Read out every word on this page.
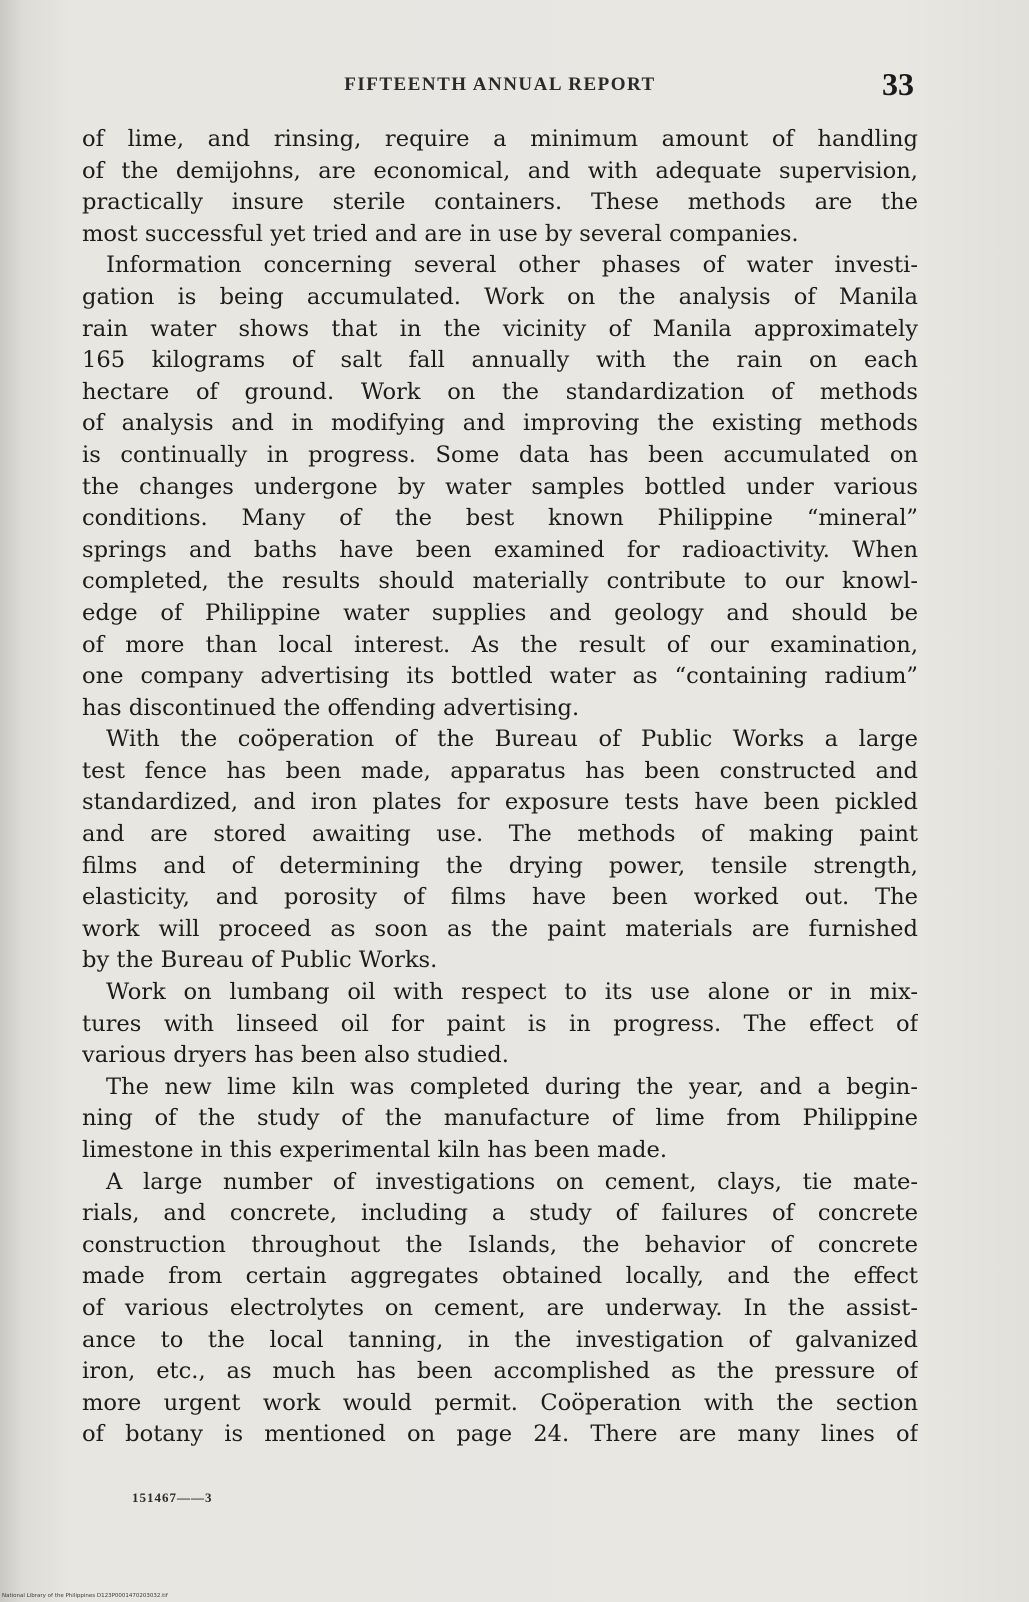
FIFTEENTH ANNUAL REPORT	33
of lime, and rinsing, require a minimum amount of handling
of the demijohns, are economical, and with adequate supervision,
practically insure sterile containers. These methods are the
most successful yet tried and are in use by several companies.
Information concerning several other phases of water investi-
gation is being accumulated. Work on the analysis of Manila
rain water shows that in the vicinity of Manila approximately
165 kilograms of salt fall annually with the rain on each
hectare of ground. Work on the standardization of methods
of analysis and in modifying and improving the existing methods
is continually in progress. Some data has been accumulated on
the changes undergone by water samples bottled under various
conditions. Many of the best known Philippine “mineral”
springs and baths have been examined for radioactivity. When
completed, the results should materially contribute to our knowl-
edge of Philippine water supplies and geology and should be
of more than local interest. As the result of our examination,
one company advertising its bottled water as “containing radium”
has discontinued the offending advertising.
With the coöperation of the Bureau of Public Works a large
test fence has been made, apparatus has been constructed and
standardized, and iron plates for exposure tests have been pickled
and are stored awaiting use. The methods of making paint
films and of determining the drying power, tensile strength,
elasticity, and porosity of films have been worked out. The
work will proceed as soon as the paint materials are furnished
by the Bureau of Public Works.
Work on lumbang oil with respect to its use alone or in mix-
tures with linseed oil for paint is in progress. The effect of
various dryers has been also studied.
The new lime kiln was completed during the year, and a begin-
ning of the study of the manufacture of lime from Philippine
limestone in this experimental kiln has been made.
A large number of investigations on cement, clays, tie mate-
rials, and concrete, including a study of failures of concrete
construction throughout the Islands, the behavior of concrete
made from certain aggregates obtained locally, and the effect
of various electrolytes on cement, are underway. In the assist-
ance to the local tanning, in the investigation of galvanized
iron, etc., as much has been accomplished as the pressure of
more urgent work would permit. Coöperation with the section
of botany is mentioned on page 24. There are many lines of
151467——3
National Library of the Philippines D123P0001470203032.tif
